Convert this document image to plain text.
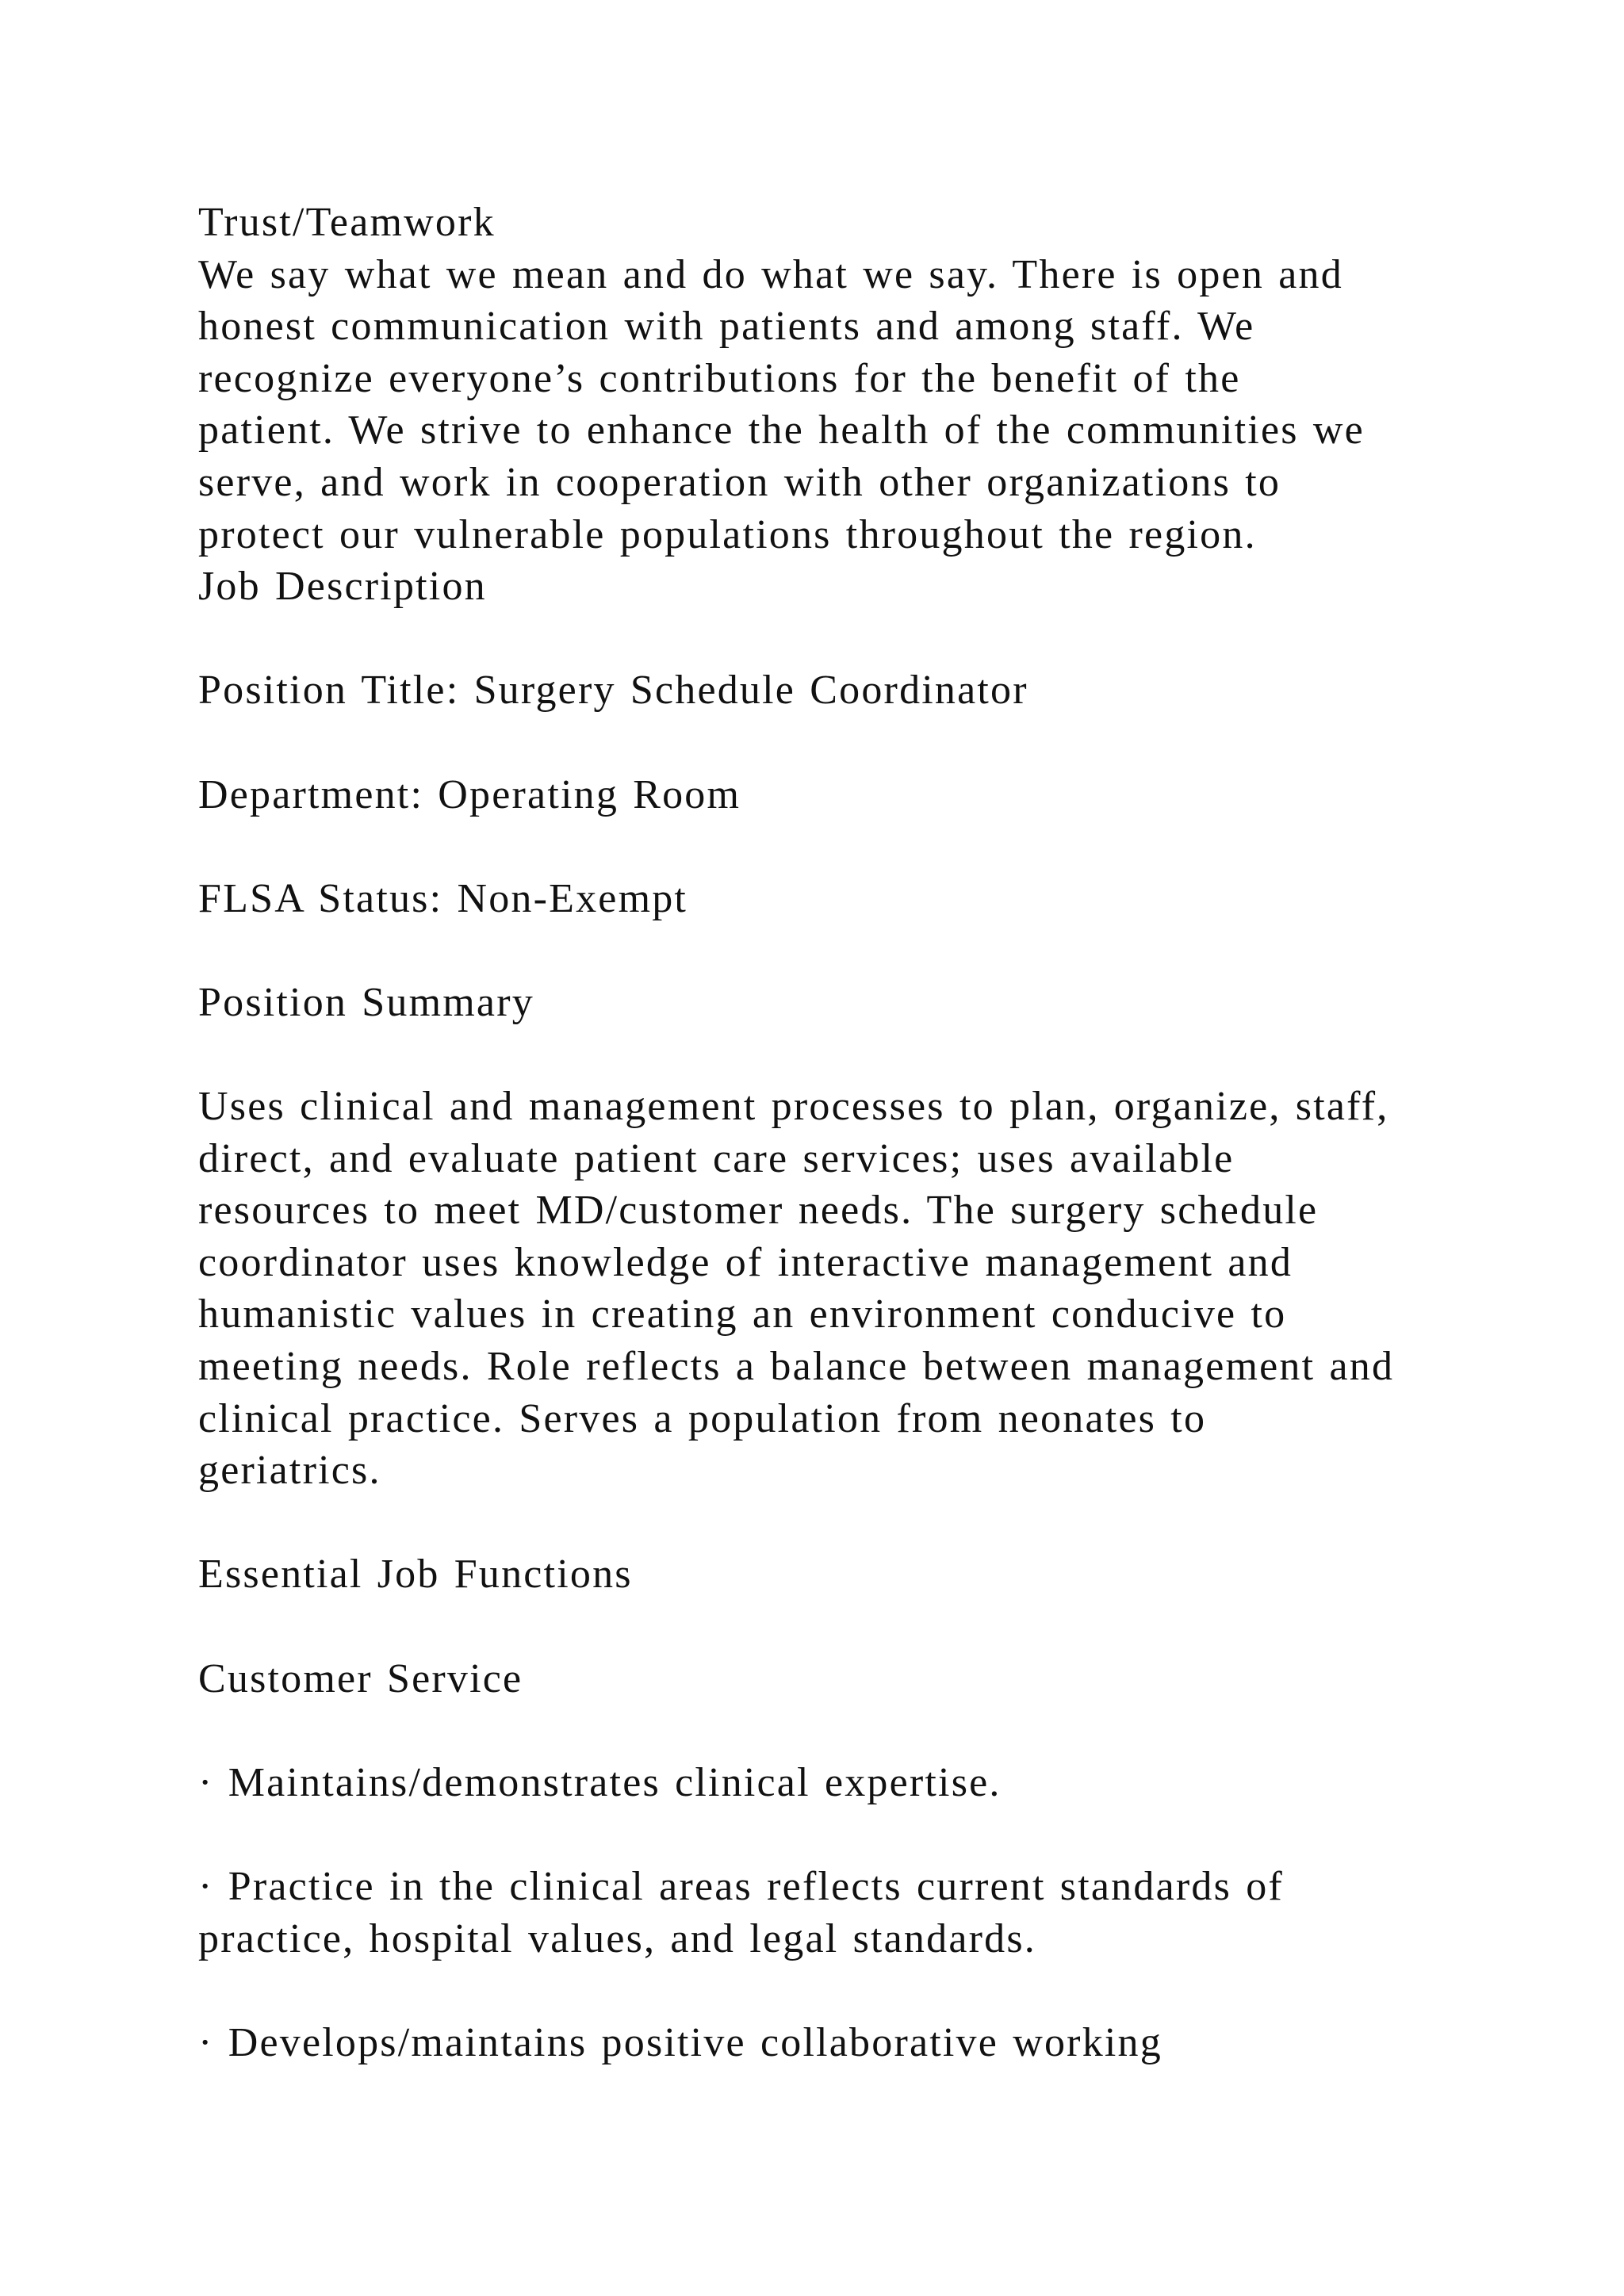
Trust/Teamwork
We say what we mean and do what we say. There is open and
honest communication with patients and among staff. We
recognize everyone’s contributions for the benefit of the
patient. We strive to enhance the health of the communities we
serve, and work in cooperation with other organizations to
protect our vulnerable populations throughout the region.
Job Description
Position Title: Surgery Schedule Coordinator
Department: Operating Room
FLSA Status: Non-Exempt
Position Summary
Uses clinical and management processes to plan, organize, staff,
direct, and evaluate patient care services; uses available
resources to meet MD/customer needs. The surgery schedule
coordinator uses knowledge of interactive management and
humanistic values in creating an environment conducive to
meeting needs. Role reflects a balance between management and
clinical practice. Serves a population from neonates to
geriatrics.
Essential Job Functions
Customer Service
· Maintains/demonstrates clinical expertise.
· Practice in the clinical areas reflects current standards of
practice, hospital values, and legal standards.
· Develops/maintains positive collaborative working
